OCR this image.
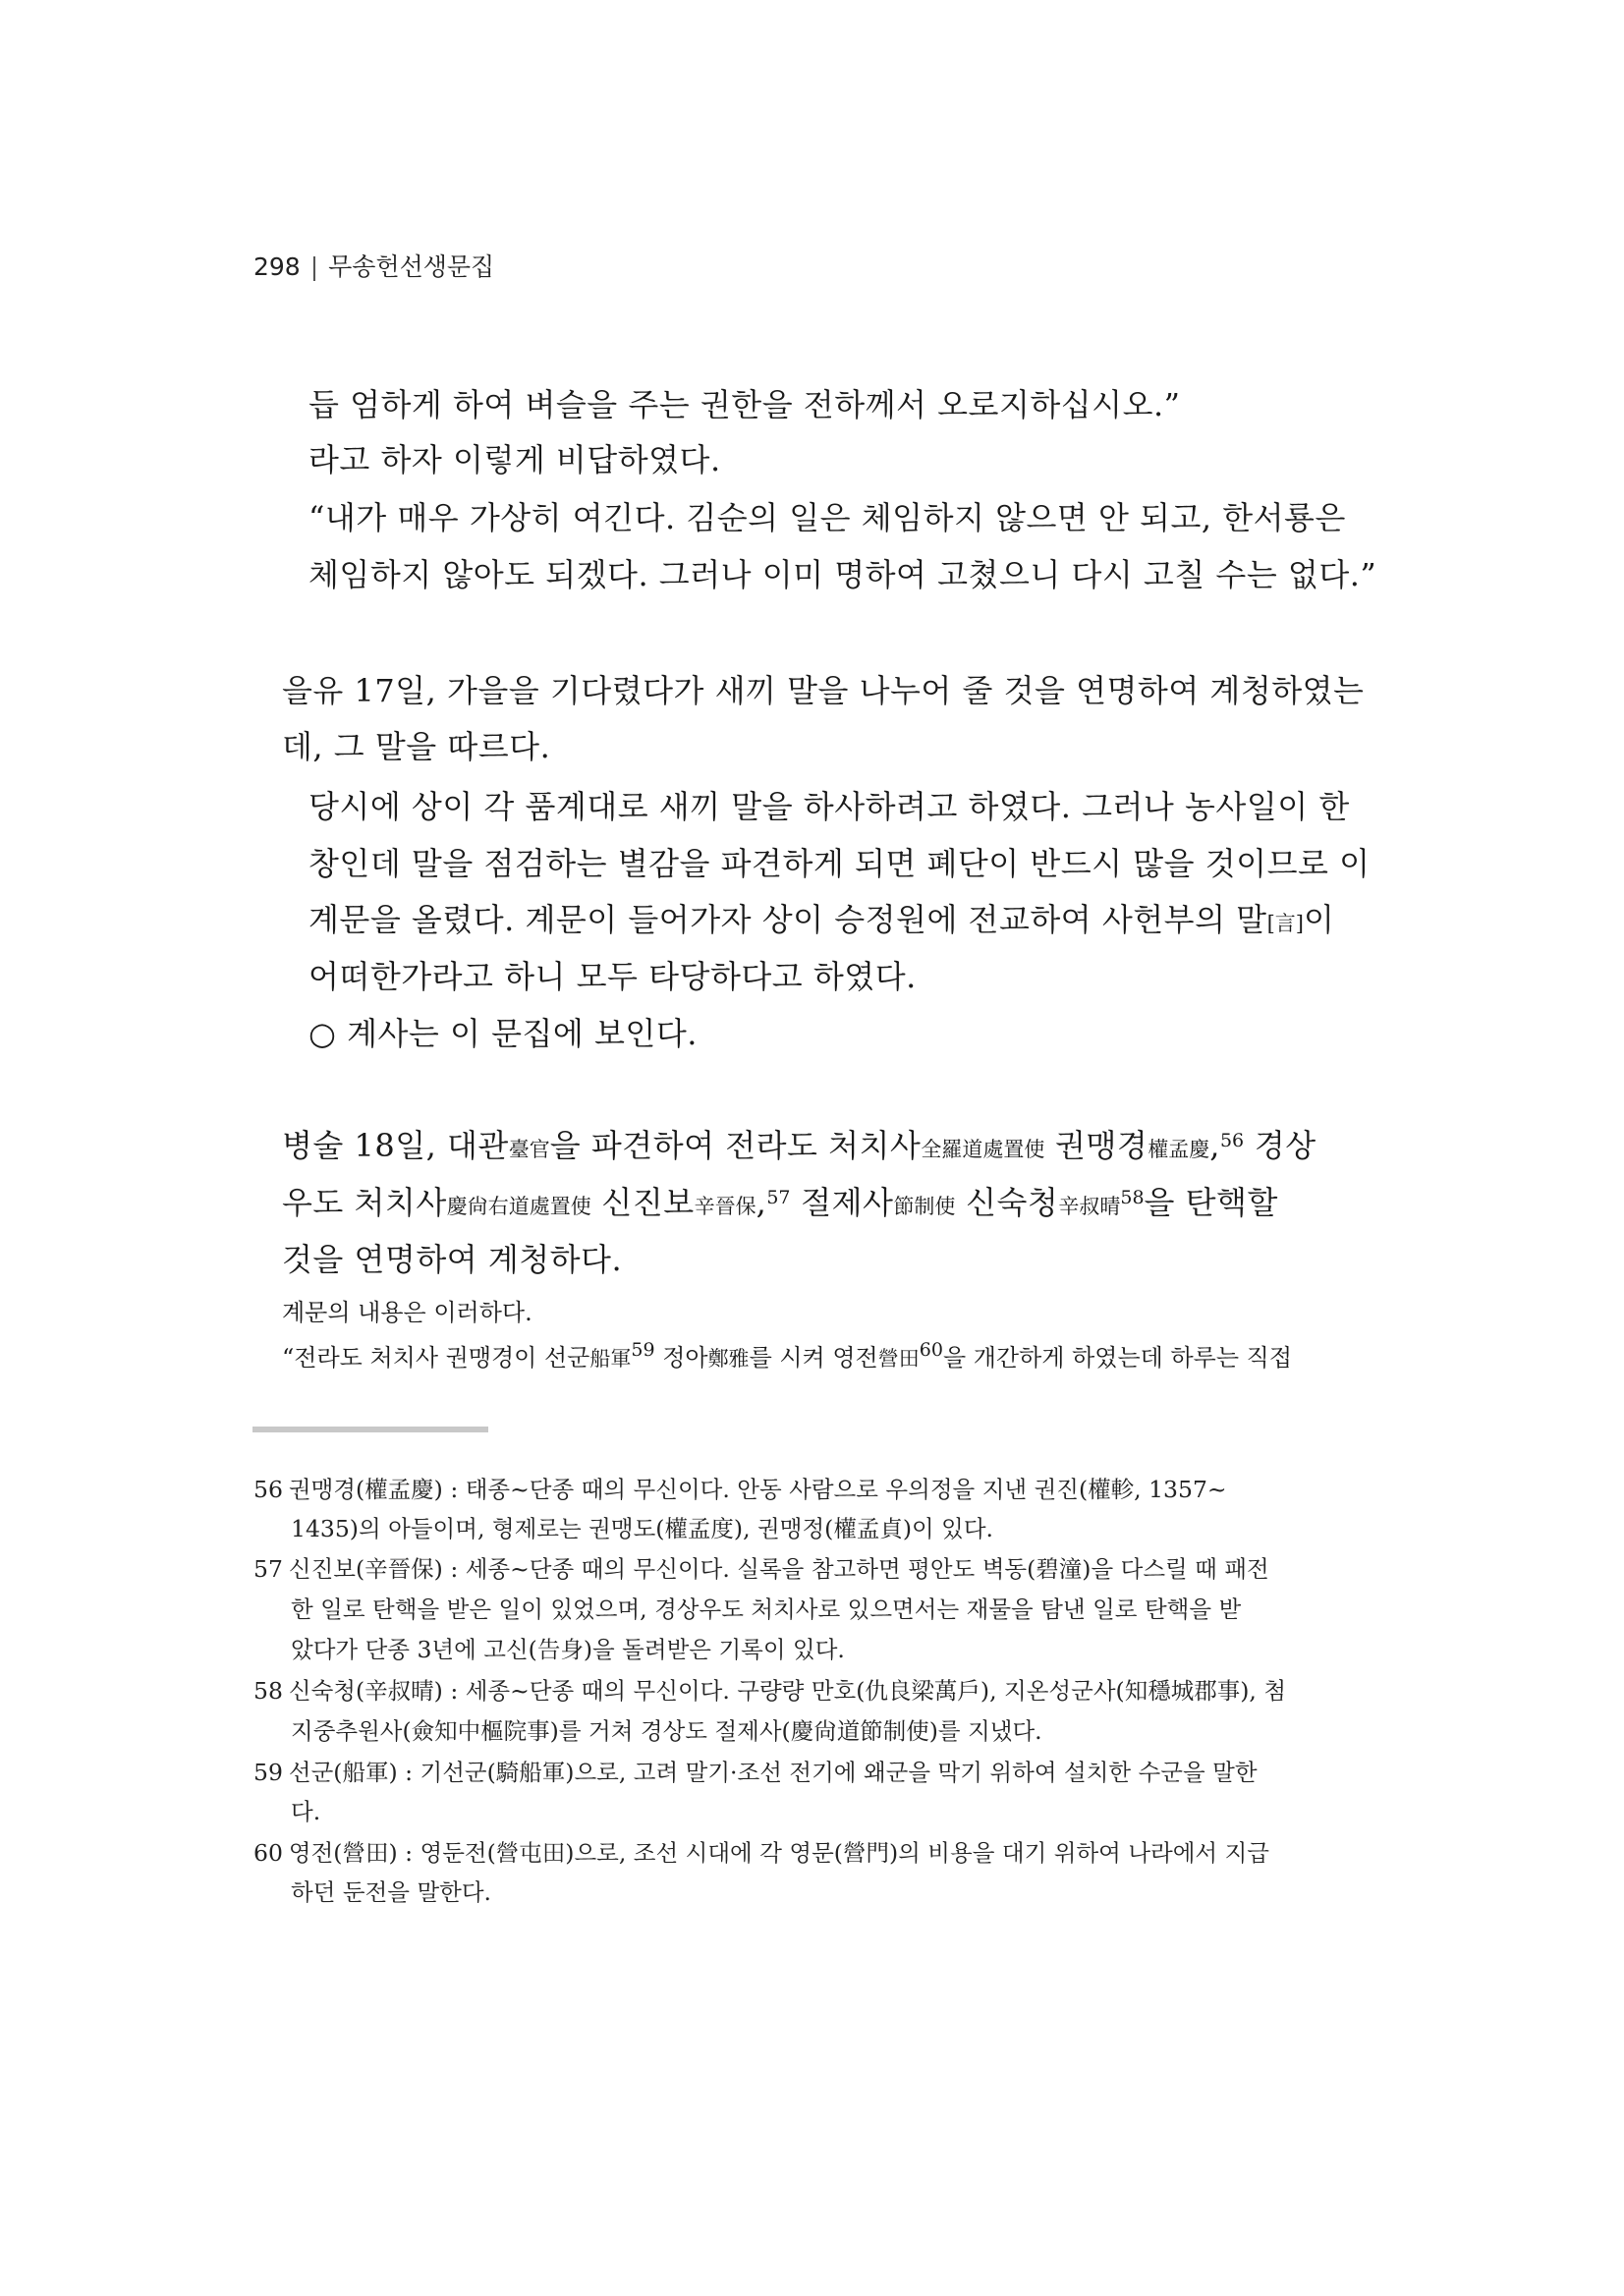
298 | 무송헌선생문집
듭 엄하게 하여 벼슬을 주는 권한을 전하께서 오로지하십시오.”
라고 하자 이렇게 비답하였다.
“내가 매우 가상히 여긴다. 김순의 일은 체임하지 않으면 안 되고, 한서룡은
체임하지 않아도 되겠다. 그러나 이미 명하여 고쳤으니 다시 고칠 수는 없다.”
을유 17일, 가을을 기다렸다가 새끼 말을 나누어 줄 것을 연명하여 계청하였는
데, 그 말을 따르다.
당시에 상이 각 품계대로 새끼 말을 하사하려고 하였다. 그러나 농사일이 한
창인데 말을 점검하는 별감을 파견하게 되면 폐단이 반드시 많을 것이므로 이
계문을 올렸다. 계문이 들어가자 상이 승정원에 전교하여 사헌부의 말[言]이
어떠한가라고 하니 모두 타당하다고 하였다.
○ 계사는 이 문집에 보인다.
병술 18일, 대관臺官을 파견하여 전라도 처치사全羅道處置使 권맹경權孟慶,$^{56}$ 경상
우도 처치사慶尙右道處置使 신진보辛晉保,$^{57}$ 절제사節制使 신숙청辛叔晴$^{58}$을 탄핵할
것을 연명하여 계청하다.
계문의 내용은 이러하다.
“전라도 처치사 권맹경이 선군船軍$^{59}$ 정아鄭雅를 시켜 영전營田$^{60}$을 개간하게 하였는데 하루는 직접
56 권맹경(權孟慶) : 태종~단종 때의 무신이다. 안동 사람으로 우의정을 지낸 권진(權軫, 1357~
1435)의 아들이며, 형제로는 권맹도(權孟度), 권맹정(權孟貞)이 있다.
57 신진보(辛晉保) : 세종~단종 때의 무신이다. 실록을 참고하면 평안도 벽동(碧潼)을 다스릴 때 패전
한 일로 탄핵을 받은 일이 있었으며, 경상우도 처치사로 있으면서는 재물을 탐낸 일로 탄핵을 받
았다가 단종 3년에 고신(告身)을 돌려받은 기록이 있다.
58 신숙청(辛叔晴) : 세종~단종 때의 무신이다. 구량량 만호(仇良梁萬戶), 지온성군사(知穩城郡事), 첨
지중추원사(僉知中樞院事)를 거쳐 경상도 절제사(慶尙道節制使)를 지냈다.
59 선군(船軍) : 기선군(騎船軍)으로, 고려 말기·조선 전기에 왜군을 막기 위하여 설치한 수군을 말한
다.
60 영전(營田) : 영둔전(營屯田)으로, 조선 시대에 각 영문(營門)의 비용을 대기 위하여 나라에서 지급
하던 둔전을 말한다.
